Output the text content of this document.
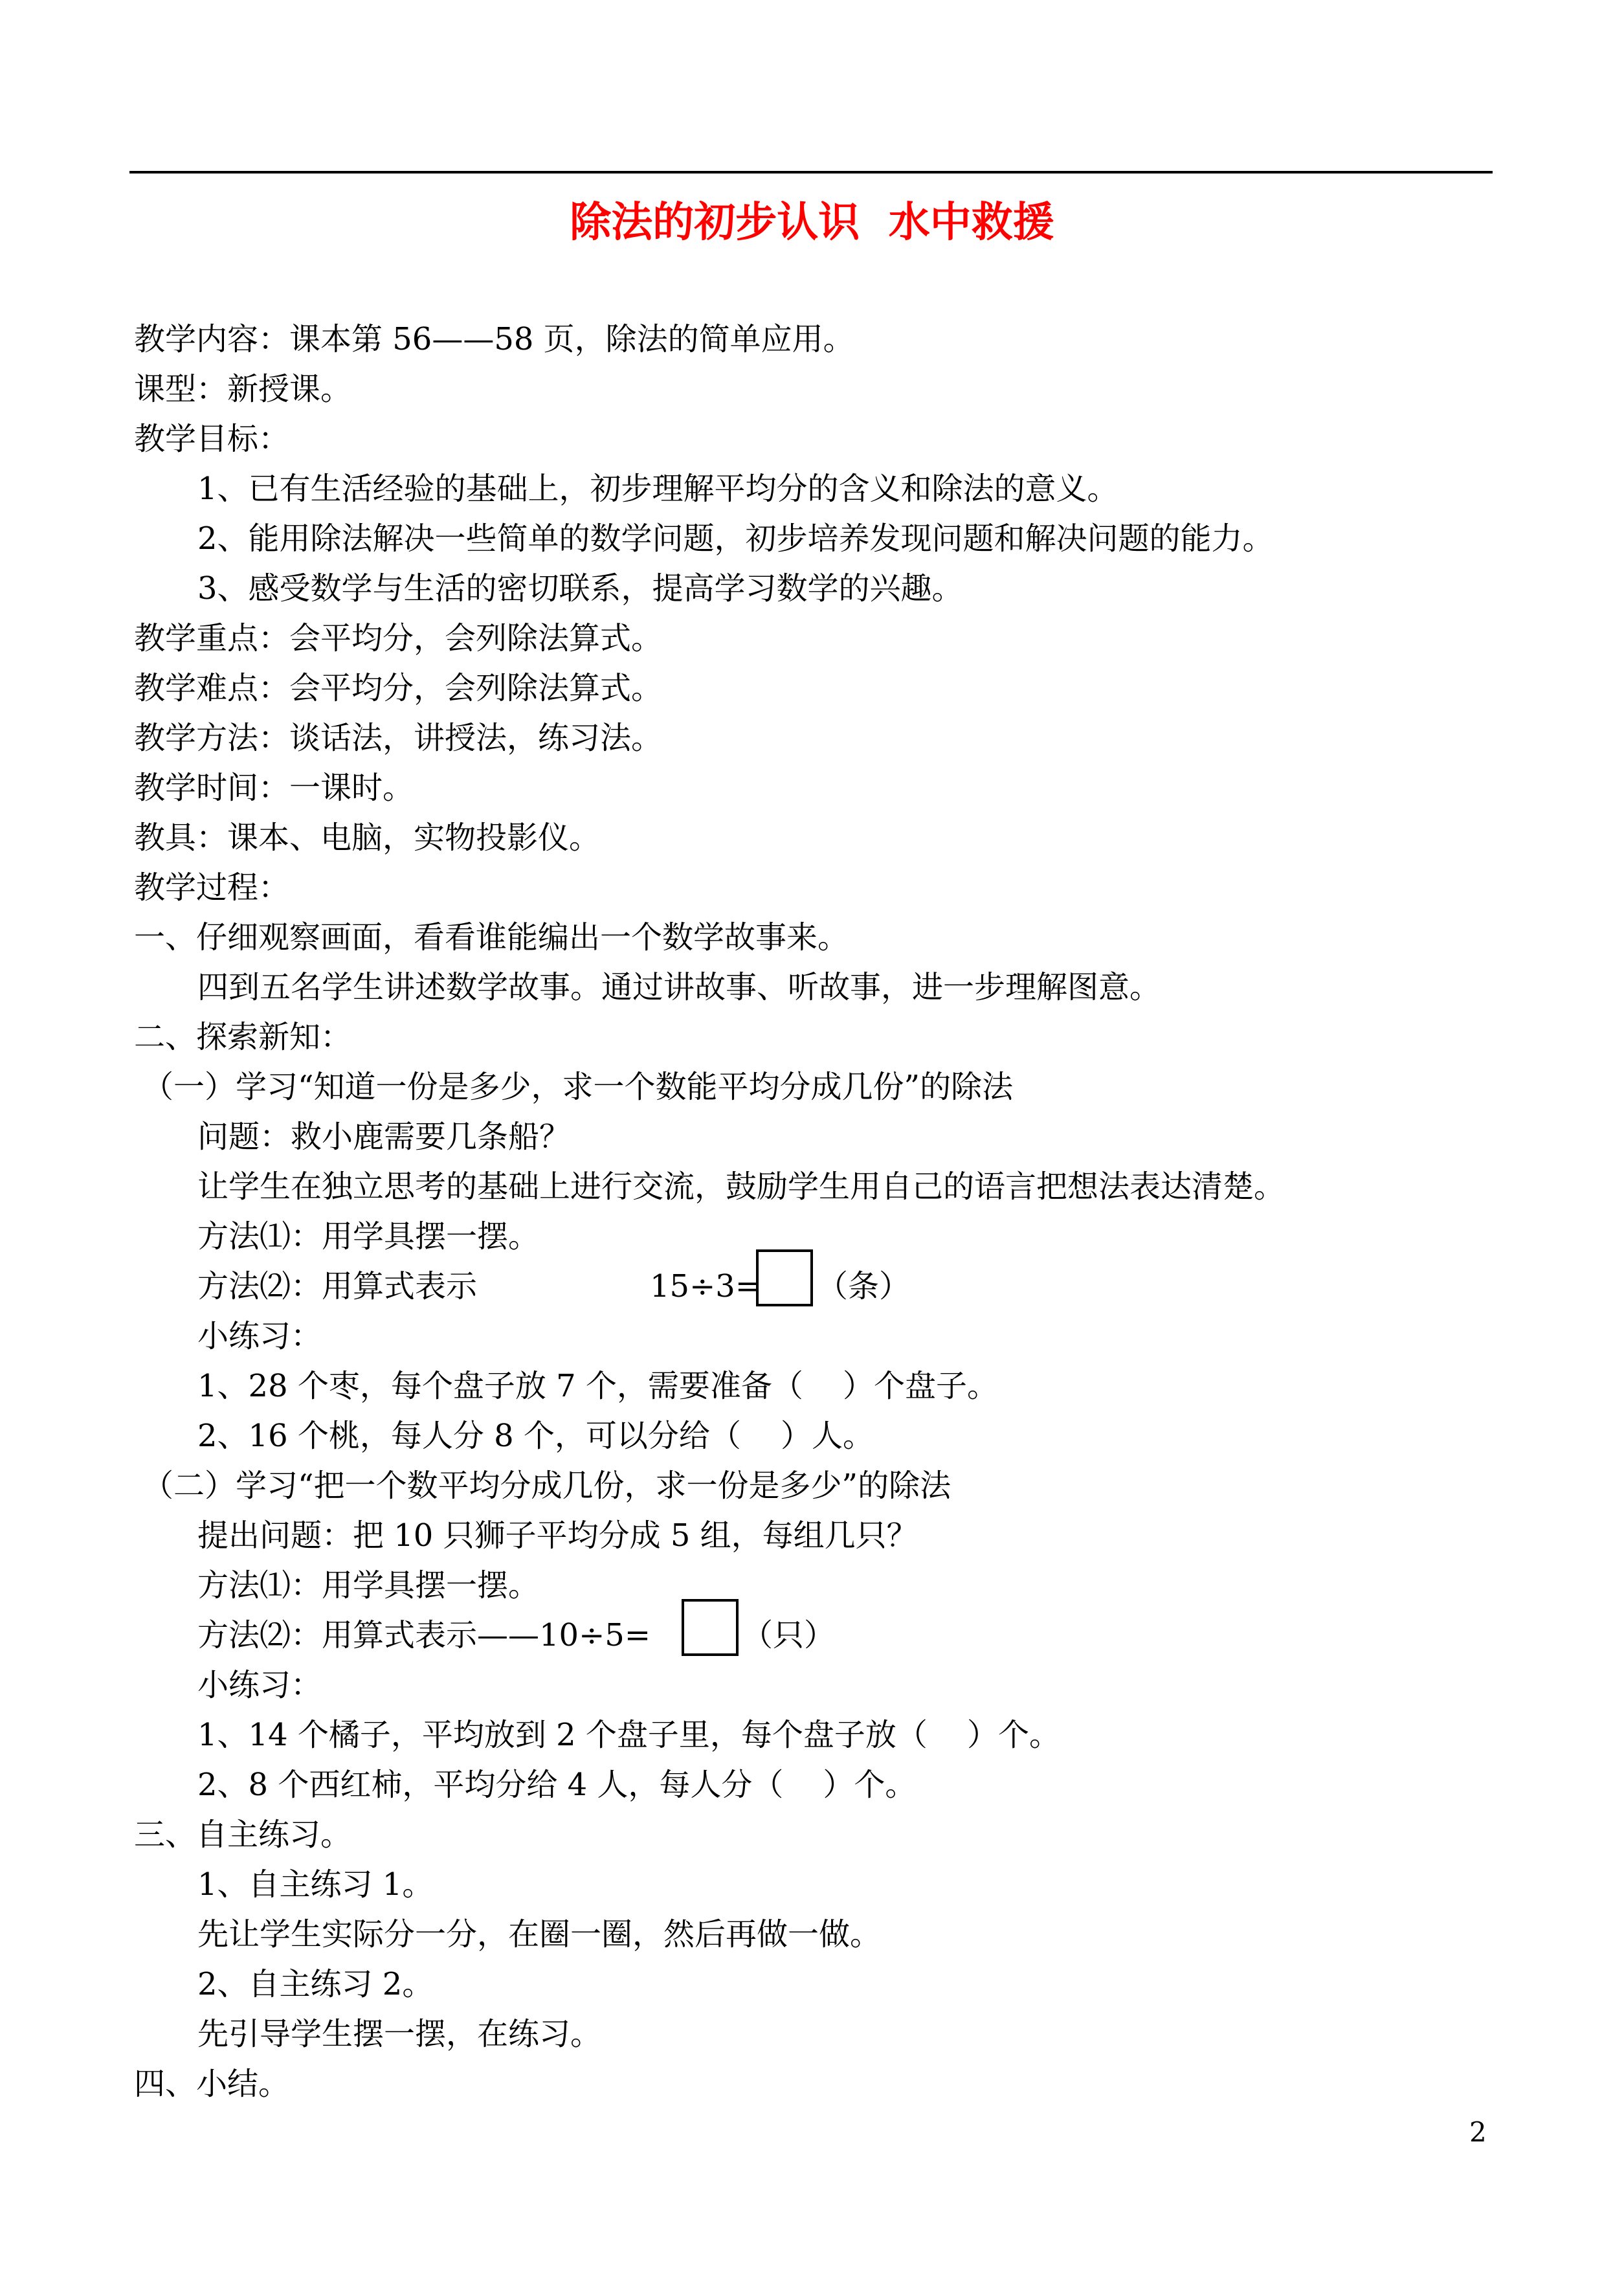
除法的初步认识  水中救援
教学内容：课本第 56——58 页，除法的简单应用。
课型：新授课。
教学目标：
1、已有生活经验的基础上，初步理解平均分的含义和除法的意义。
2、能用除法解决一些简单的数学问题，初步培养发现问题和解决问题的能力。
3、感受数学与生活的密切联系，提高学习数学的兴趣。
教学重点：会平均分，会列除法算式。
教学难点：会平均分，会列除法算式。
教学方法：谈话法，讲授法，练习法。
教学时间：一课时。
教具：课本、电脑，实物投影仪。
教学过程：
一、仔细观察画面，看看谁能编出一个数学故事来。
四到五名学生讲述数学故事。通过讲故事、听故事，进一步理解图意。
二、探索新知：
（一）学习“知道一份是多少，求一个数能平均分成几份”的除法
问题：救小鹿需要几条船？
让学生在独立思考的基础上进行交流，鼓励学生用自己的语言把想法表达清楚。
方法⑴：用学具摆一摆。
方法⑵：用算式表示	15÷3= （条）
小练习：
1、28 个枣，每个盘子放 7 个，需要准备（    ）个盘子。
2、16 个桃，每人分 8 个，可以分给（    ）人。
（二）学习“把一个数平均分成几份，求一份是多少”的除法
提出问题：把 10 只狮子平均分成 5 组，每组几只？
方法⑴：用学具摆一摆。
方法⑵：用算式表示——10÷5=	（只）
小练习：
1、14 个橘子，平均放到 2 个盘子里，每个盘子放（    ）个。
2、8 个西红柿，平均分给 4 人，每人分（    ）个。
三、自主练习。
1、自主练习 1。
先让学生实际分一分，在圈一圈，然后再做一做。
2、自主练习 2。
先引导学生摆一摆，在练习。
四、小结。
2
